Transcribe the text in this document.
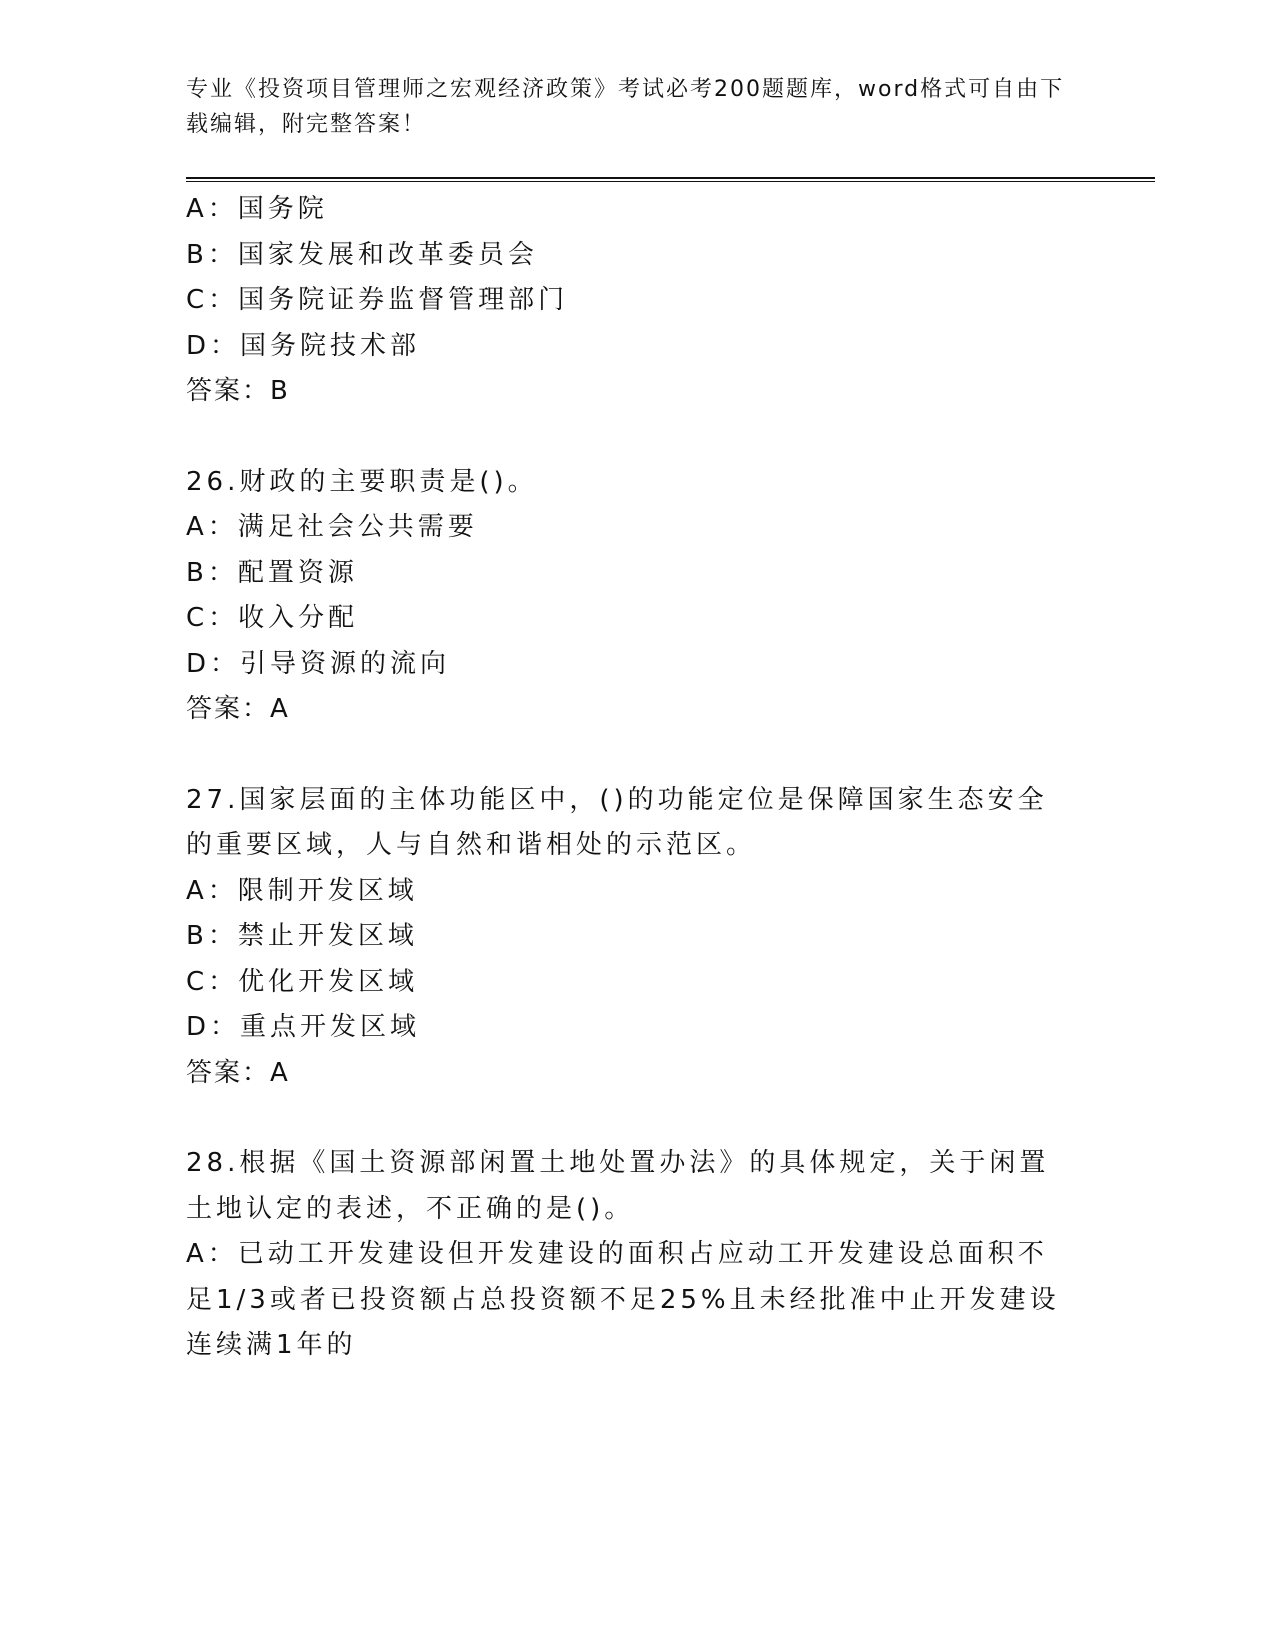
专业《投资项目管理师之宏观经济政策》考试必考200题题库，word格式可自由下载编辑，附完整答案！
A：国务院
B：国家发展和改革委员会
C：国务院证券监督管理部门
D：国务院技术部
答案：B
26.财政的主要职责是()。
A：满足社会公共需要
B：配置资源
C：收入分配
D：引导资源的流向
答案：A
27.国家层面的主体功能区中，()的功能定位是保障国家生态安全的重要区域，人与自然和谐相处的示范区。
A：限制开发区域
B：禁止开发区域
C：优化开发区域
D：重点开发区域
答案：A
28.根据《国土资源部闲置土地处置办法》的具体规定，关于闲置土地认定的表述，不正确的是()。
A：已动工开发建设但开发建设的面积占应动工开发建设总面积不足1/3或者已投资额占总投资额不足25%且未经批准中止开发建设连续满1年的
